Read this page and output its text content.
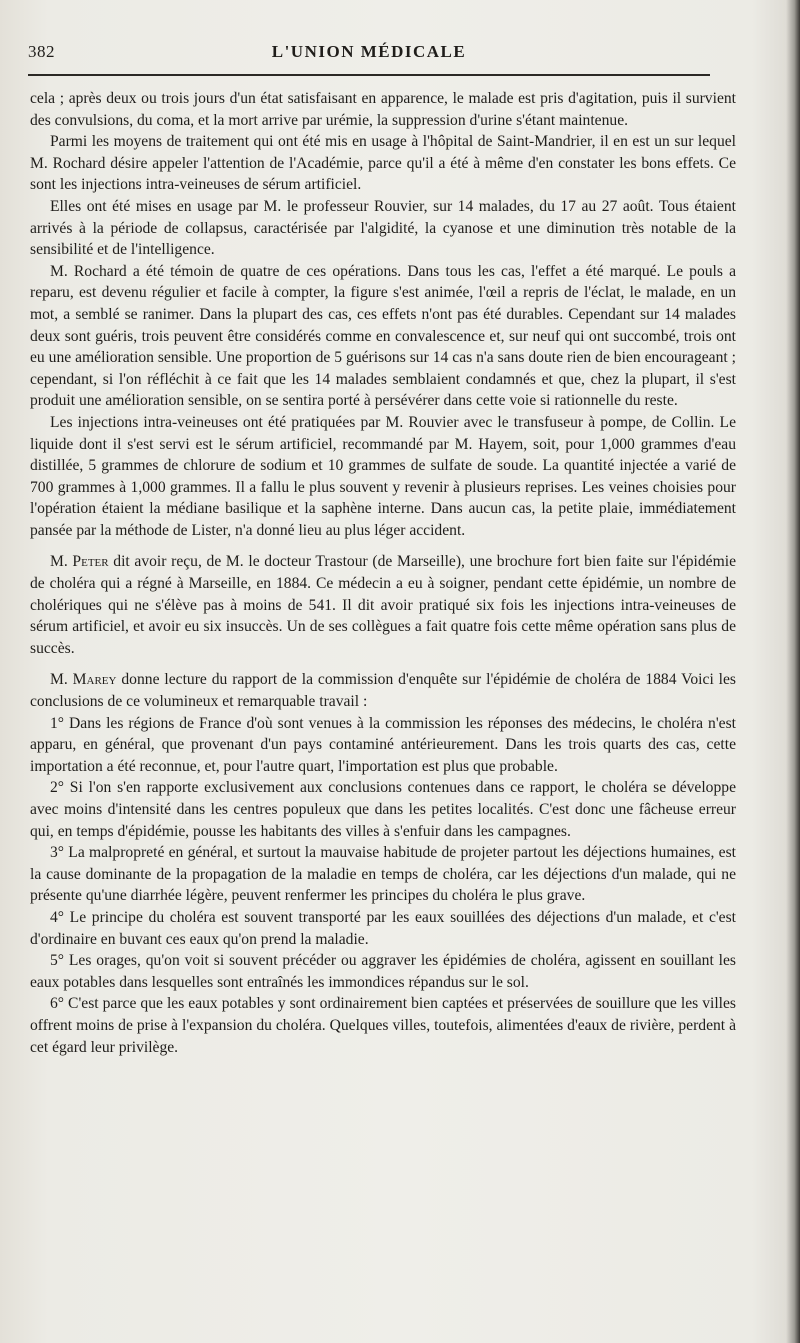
382	L'UNION MÉDICALE

cela ; après deux ou trois jours d'un état satisfaisant en apparence, le malade est pris d'agitation, puis il survient des convulsions, du coma, et la mort arrive par urémie, la suppression d'urine s'étant maintenue.

Parmi les moyens de traitement qui ont été mis en usage à l'hôpital de Saint-Mandrier, il en est un sur lequel M. Rochard désire appeler l'attention de l'Académie, parce qu'il a été à même d'en constater les bons effets. Ce sont les injections intra-veineuses de sérum artificiel.

Elles ont été mises en usage par M. le professeur Rouvier, sur 14 malades, du 17 au 27 août. Tous étaient arrivés à la période de collapsus, caractérisée par l'algidité, la cyanose et une diminution très notable de la sensibilité et de l'intelligence.

M. Rochard a été témoin de quatre de ces opérations. Dans tous les cas, l'effet a été marqué. Le pouls a reparu, est devenu régulier et facile à compter, la figure s'est animée, l'œil a repris de l'éclat, le malade, en un mot, a semblé se ranimer. Dans la plupart des cas, ces effets n'ont pas été durables. Cependant sur 14 malades deux sont guéris, trois peuvent être considérés comme en convalescence et, sur neuf qui ont succombé, trois ont eu une amélioration sensible. Une proportion de 5 guérisons sur 14 cas n'a sans doute rien de bien encourageant ; cependant, si l'on réfléchit à ce fait que les 14 malades semblaient condamnés et que, chez la plupart, il s'est produit une amélioration sensible, on se sentira porté à persévérer dans cette voie si rationnelle du reste.

Les injections intra-veineuses ont été pratiquées par M. Rouvier avec le transfuseur à pompe, de Collin. Le liquide dont il s'est servi est le sérum artificiel, recommandé par M. Hayem, soit, pour 1,000 grammes d'eau distillée, 5 grammes de chlorure de sodium et 10 grammes de sulfate de soude. La quantité injectée a varié de 700 grammes à 1,000 grammes. Il a fallu le plus souvent y revenir à plusieurs reprises. Les veines choisies pour l'opération étaient la médiane basilique et la saphène interne. Dans aucun cas, la petite plaie, immédiatement pansée par la méthode de Lister, n'a donné lieu au plus léger accident.

M. Peter dit avoir reçu, de M. le docteur Trastour (de Marseille), une brochure fort bien faite sur l'épidémie de choléra qui a régné à Marseille, en 1884. Ce médecin a eu à soigner, pendant cette épidémie, un nombre de cholériques qui ne s'élève pas à moins de 541. Il dit avoir pratiqué six fois les injections intra-veineuses de sérum artificiel, et avoir eu six insuccès. Un de ses collègues a fait quatre fois cette même opération sans plus de succès.

M. Marey donne lecture du rapport de la commission d'enquête sur l'épidémie de choléra de 1884 Voici les conclusions de ce volumineux et remarquable travail :

1° Dans les régions de France d'où sont venues à la commission les réponses des médecins, le choléra n'est apparu, en général, que provenant d'un pays contaminé antérieurement. Dans les trois quarts des cas, cette importation a été reconnue, et, pour l'autre quart, l'importation est plus que probable.

2° Si l'on s'en rapporte exclusivement aux conclusions contenues dans ce rapport, le choléra se développe avec moins d'intensité dans les centres populeux que dans les petites localités. C'est donc une fâcheuse erreur qui, en temps d'épidémie, pousse les habitants des villes à s'enfuir dans les campagnes.

3° La malpropreté en général, et surtout la mauvaise habitude de projeter partout les déjections humaines, est la cause dominante de la propagation de la maladie en temps de choléra, car les déjections d'un malade, qui ne présente qu'une diarrhée légère, peuvent renfermer les principes du choléra le plus grave.

4° Le principe du choléra est souvent transporté par les eaux souillées des déjections d'un malade, et c'est d'ordinaire en buvant ces eaux qu'on prend la maladie.

5° Les orages, qu'on voit si souvent précéder ou aggraver les épidémies de choléra, agissent en souillant les eaux potables dans lesquelles sont entraînés les immondices répandus sur le sol.

6° C'est parce que les eaux potables y sont ordinairement bien captées et préservées de souillure que les villes offrent moins de prise à l'expansion du choléra. Quelques villes, toutefois, alimentées d'eaux de rivière, perdent à cet égard leur privilège.
